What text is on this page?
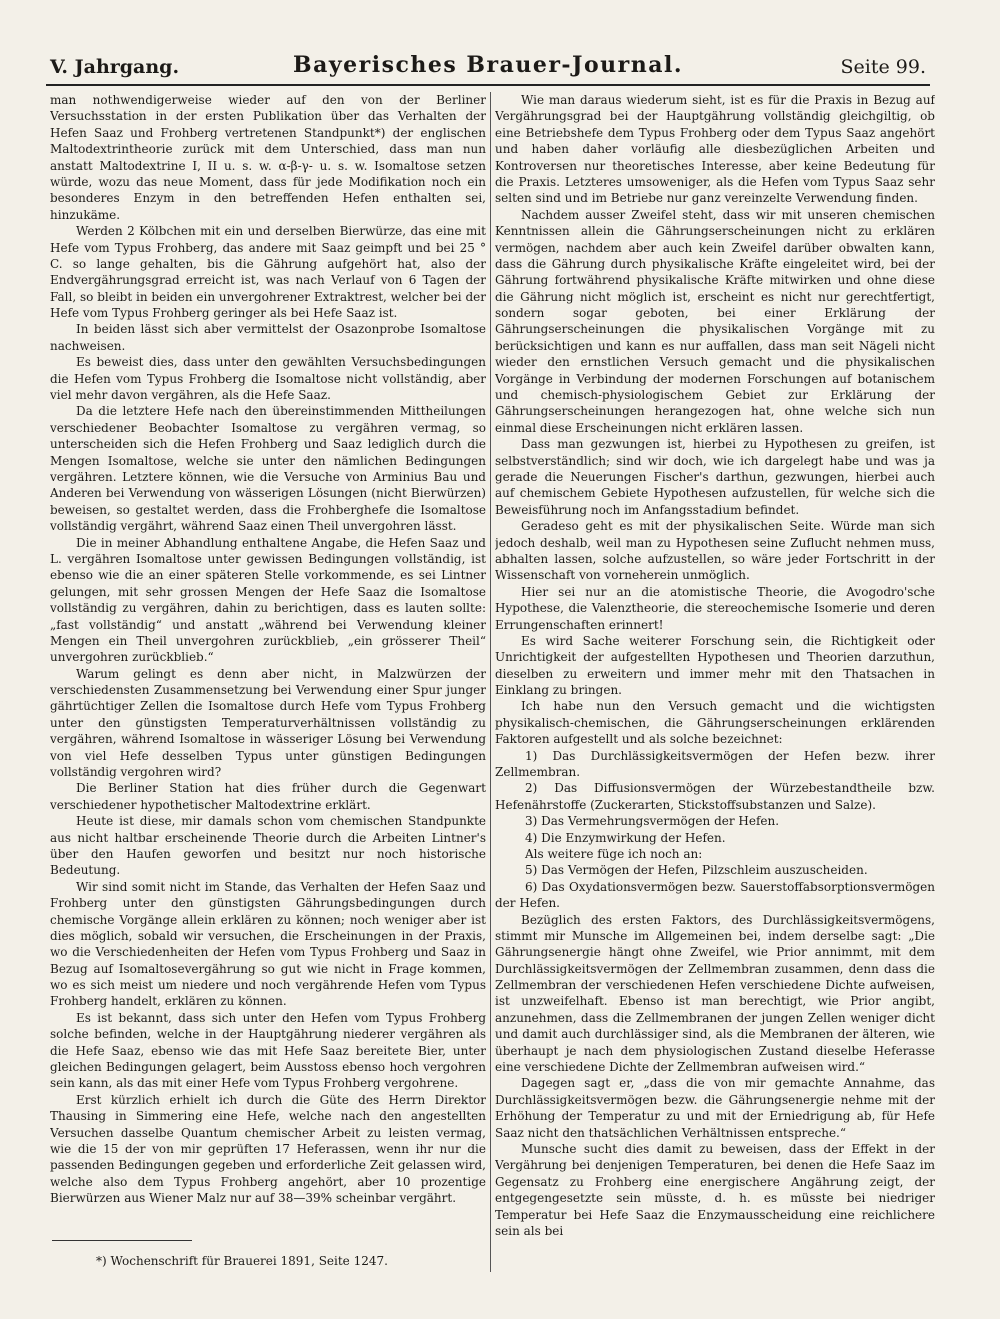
V. Jahrgang.	Bayerisches Brauer-Journal.	Seite 99.

man nothwendigerweise wieder auf den von der Berliner Versuchsstation in der ersten Publikation über das Verhalten der Hefen Saaz und Frohberg vertretenen Standpunkt*) der englischen Maltodextrintheorie zurück mit dem Unterschied, dass man nun anstatt Maltodextrine I, II u. s. w. α-β-γ- u. s. w. Isomaltose setzen würde, wozu das neue Moment, dass für jede Modifikation noch ein besonderes Enzym in den betreffenden Hefen enthalten sei, hinzukäme.

Werden 2 Kölbchen mit ein und derselben Bierwürze, das eine mit Hefe vom Typus Frohberg, das andere mit Saaz geimpft und bei 25 ° C. so lange gehalten, bis die Gährung aufgehört hat, also der Endvergährungsgrad erreicht ist, was nach Verlauf von 6 Tagen der Fall, so bleibt in beiden ein unvergohrener Extraktrest, welcher bei der Hefe vom Typus Frohberg geringer als bei Hefe Saaz ist.

In beiden lässt sich aber vermittelst der Osazonprobe Isomaltose nachweisen.

Es beweist dies, dass unter den gewählten Versuchsbedingungen die Hefen vom Typus Frohberg die Isomaltose nicht vollständig, aber viel mehr davon vergähren, als die Hefe Saaz.

Da die letztere Hefe nach den übereinstimmenden Mittheilungen verschiedener Beobachter Isomaltose zu vergähren vermag, so unterscheiden sich die Hefen Frohberg und Saaz lediglich durch die Mengen Isomaltose, welche sie unter den nämlichen Bedingungen vergähren. Letztere können, wie die Versuche von Arminius Bau und Anderen bei Verwendung von wässerigen Lösungen (nicht Bierwürzen) beweisen, so gestaltet werden, dass die Frohberghefe die Isomaltose vollständig vergährt, während Saaz einen Theil unvergohren lässt.

Die in meiner Abhandlung enthaltene Angabe, die Hefen Saaz und L. vergähren Isomaltose unter gewissen Bedingungen vollständig, ist ebenso wie die an einer späteren Stelle vorkommende, es sei Lintner gelungen, mit sehr grossen Mengen der Hefe Saaz die Isomaltose vollständig zu vergähren, dahin zu berichtigen, dass es lauten sollte: „fast vollständig“ und anstatt „während bei Verwendung kleiner Mengen ein Theil unvergohren zurückblieb, „ein grösserer Theil“ unvergohren zurückblieb.“

Warum gelingt es denn aber nicht, in Malzwürzen der verschiedensten Zusammensetzung bei Verwendung einer Spur junger gährtüchtiger Zellen die Isomaltose durch Hefe vom Typus Frohberg unter den günstigsten Temperaturverhältnissen vollständig zu vergähren, während Isomaltose in wässeriger Lösung bei Verwendung von viel Hefe desselben Typus unter günstigen Bedingungen vollständig vergohren wird?

Die Berliner Station hat dies früher durch die Gegenwart verschiedener hypothetischer Maltodextrine erklärt.

Heute ist diese, mir damals schon vom chemischen Standpunkte aus nicht haltbar erscheinende Theorie durch die Arbeiten Lintner's über den Haufen geworfen und besitzt nur noch historische Bedeutung.

Wir sind somit nicht im Stande, das Verhalten der Hefen Saaz und Frohberg unter den günstigsten Gährungsbedingungen durch chemische Vorgänge allein erklären zu können; noch weniger aber ist dies möglich, sobald wir versuchen, die Erscheinungen in der Praxis, wo die Verschiedenheiten der Hefen vom Typus Frohberg und Saaz in Bezug auf Isomaltosevergährung so gut wie nicht in Frage kommen, wo es sich meist um niedere und noch vergährende Hefen vom Typus Frohberg handelt, erklären zu können.

Es ist bekannt, dass sich unter den Hefen vom Typus Frohberg solche befinden, welche in der Hauptgährung niederer vergähren als die Hefe Saaz, ebenso wie das mit Hefe Saaz bereitete Bier, unter gleichen Bedingungen gelagert, beim Ausstoss ebenso hoch vergohren sein kann, als das mit einer Hefe vom Typus Frohberg vergohrene.

Erst kürzlich erhielt ich durch die Güte des Herrn Direktor Thausing in Simmering eine Hefe, welche nach den angestellten Versuchen dasselbe Quantum chemischer Arbeit zu leisten vermag, wie die 15 der von mir geprüften 17 Heferassen, wenn ihr nur die passenden Bedingungen gegeben und erforderliche Zeit gelassen wird, welche also dem Typus Frohberg angehört, aber 10 prozentige Bierwürzen aus Wiener Malz nur auf 38—39% scheinbar vergährt.

Wie man daraus wiederum sieht, ist es für die Praxis in Bezug auf Vergährungsgrad bei der Hauptgährung vollständig gleichgiltig, ob eine Betriebshefe dem Typus Frohberg oder dem Typus Saaz angehört und haben daher vorläufig alle diesbezüglichen Arbeiten und Kontroversen nur theoretisches Interesse, aber keine Bedeutung für die Praxis. Letzteres umsoweniger, als die Hefen vom Typus Saaz sehr selten sind und im Betriebe nur ganz vereinzelte Verwendung finden.

Nachdem ausser Zweifel steht, dass wir mit unseren chemischen Kenntnissen allein die Gährungserscheinungen nicht zu erklären vermögen, nachdem aber auch kein Zweifel darüber obwalten kann, dass die Gährung durch physikalische Kräfte eingeleitet wird, bei der Gährung fortwährend physikalische Kräfte mitwirken und ohne diese die Gährung nicht möglich ist, erscheint es nicht nur gerechtfertigt, sondern sogar geboten, bei einer Erklärung der Gährungserscheinungen die physikalischen Vorgänge mit zu berücksichtigen und kann es nur auffallen, dass man seit Nägeli nicht wieder den ernstlichen Versuch gemacht und die physikalischen Vorgänge in Verbindung der modernen Forschungen auf botanischem und chemisch-physiologischem Gebiet zur Erklärung der Gährungserscheinungen herangezogen hat, ohne welche sich nun einmal diese Erscheinungen nicht erklären lassen.

Dass man gezwungen ist, hierbei zu Hypothesen zu greifen, ist selbstverständlich; sind wir doch, wie ich dargelegt habe und was ja gerade die Neuerungen Fischer's darthun, gezwungen, hierbei auch auf chemischem Gebiete Hypothesen aufzustellen, für welche sich die Beweisführung noch im Anfangsstadium befindet.

Geradeso geht es mit der physikalischen Seite. Würde man sich jedoch deshalb, weil man zu Hypothesen seine Zuflucht nehmen muss, abhalten lassen, solche aufzustellen, so wäre jeder Fortschritt in der Wissenschaft von vorneherein unmöglich.

Hier sei nur an die atomistische Theorie, die Avogodro'sche Hypothese, die Valenztheorie, die stereochemische Isomerie und deren Errungenschaften erinnert!

Es wird Sache weiterer Forschung sein, die Richtigkeit oder Unrichtigkeit der aufgestellten Hypothesen und Theorien darzuthun, dieselben zu erweitern und immer mehr mit den Thatsachen in Einklang zu bringen.

Ich habe nun den Versuch gemacht und die wichtigsten physikalisch-chemischen, die Gährungserscheinungen erklärenden Faktoren aufgestellt und als solche bezeichnet:

1) Das Durchlässigkeitsvermögen der Hefen bezw. ihrer Zellmembran.

2) Das Diffusionsvermögen der Würzebestandtheile bzw. Hefenährstoffe (Zuckerarten, Stickstoffsubstanzen und Salze).

3) Das Vermehrungsvermögen der Hefen.

4) Die Enzymwirkung der Hefen.

Als weitere füge ich noch an:

5) Das Vermögen der Hefen, Pilzschleim auszuscheiden.

6) Das Oxydationsvermögen bezw. Sauerstoffabsorptionsvermögen der Hefen.

Bezüglich des ersten Faktors, des Durchlässigkeitsvermögens, stimmt mir Munsche im Allgemeinen bei, indem derselbe sagt: „Die Gährungsenergie hängt ohne Zweifel, wie Prior annimmt, mit dem Durchlässigkeitsvermögen der Zellmembran zusammen, denn dass die Zellmembran der verschiedenen Hefen verschiedene Dichte aufweisen, ist unzweifelhaft. Ebenso ist man berechtigt, wie Prior angibt, anzunehmen, dass die Zellmembranen der jungen Zellen weniger dicht und damit auch durchlässiger sind, als die Membranen der älteren, wie überhaupt je nach dem physiologischen Zustand dieselbe Heferasse eine verschiedene Dichte der Zellmembran aufweisen wird.“

Dagegen sagt er, „dass die von mir gemachte Annahme, das Durchlässigkeitsvermögen bezw. die Gährungsenergie nehme mit der Erhöhung der Temperatur zu und mit der Erniedrigung ab, für Hefe Saaz nicht den thatsächlichen Verhältnissen entspreche.“

Munsche sucht dies damit zu beweisen, dass der Effekt in der Vergährung bei denjenigen Temperaturen, bei denen die Hefe Saaz im Gegensatz zu Frohberg eine energischere Angährung zeigt, der entgegengesetzte sein müsste, d. h. es müsste bei niedriger Temperatur bei Hefe Saaz die Enzymausscheidung eine reichlichere sein als bei

*) Wochenschrift für Brauerei 1891, Seite 1247.
